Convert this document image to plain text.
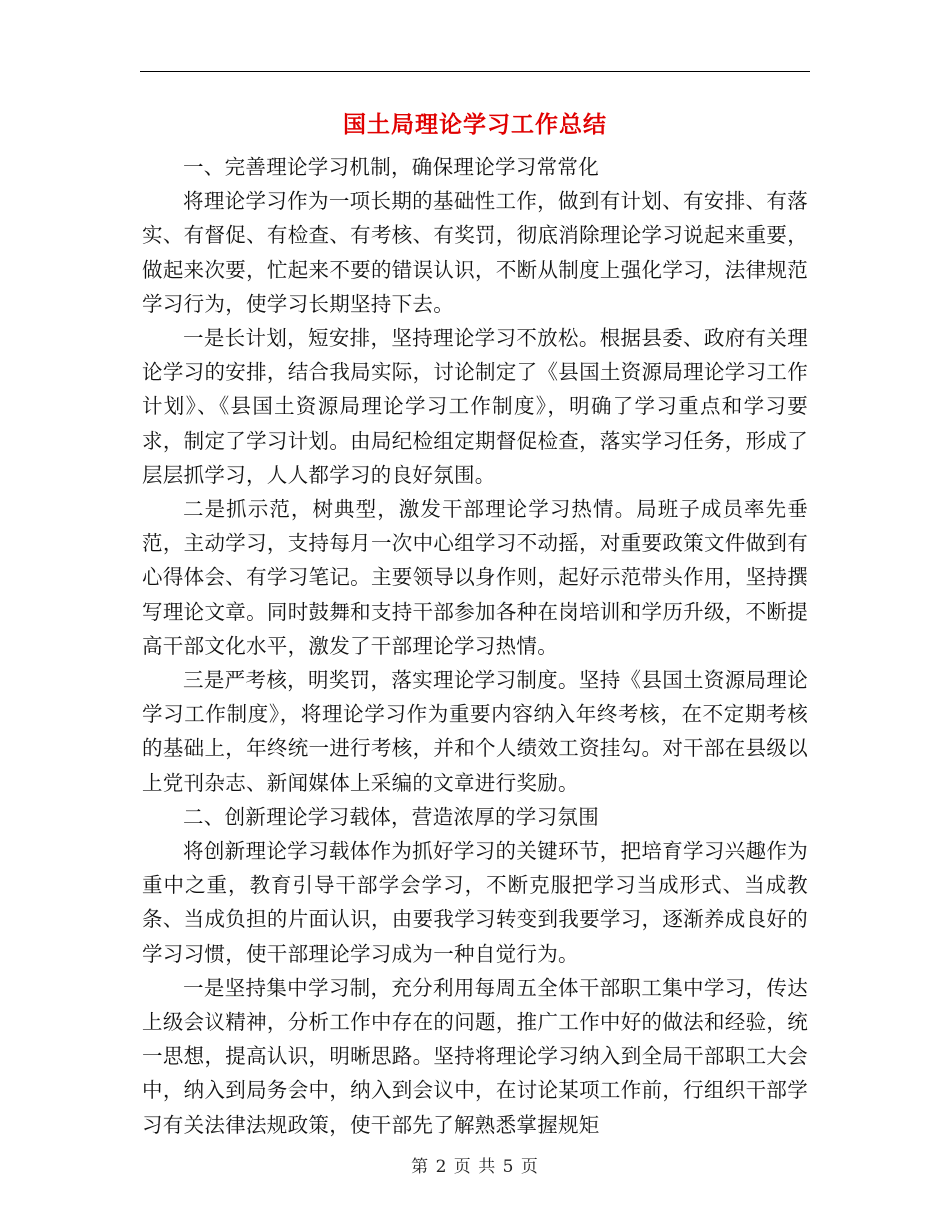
国土局理论学习工作总结

一、完善理论学习机制，确保理论学习常常化

将理论学习作为一项长期的基础性工作，做到有计划、有安排、有落实、有督促、有检查、有考核、有奖罚，彻底消除理论学习说起来重要，做起来次要，忙起来不要的错误认识，不断从制度上强化学习，法律规范学习行为，使学习长期坚持下去。

一是长计划，短安排，坚持理论学习不放松。根据县委、政府有关理论学习的安排，结合我局实际，讨论制定了《县国土资源局理论学习工作计划》、《县国土资源局理论学习工作制度》，明确了学习重点和学习要求，制定了学习计划。由局纪检组定期督促检查，落实学习任务，形成了层层抓学习，人人都学习的良好氛围。

二是抓示范，树典型，激发干部理论学习热情。局班子成员率先垂范，主动学习，支持每月一次中心组学习不动摇，对重要政策文件做到有心得体会、有学习笔记。主要领导以身作则，起好示范带头作用，坚持撰写理论文章。同时鼓舞和支持干部参加各种在岗培训和学历升级，不断提高干部文化水平，激发了干部理论学习热情。

三是严考核，明奖罚，落实理论学习制度。坚持《县国土资源局理论学习工作制度》，将理论学习作为重要内容纳入年终考核，在不定期考核的基础上，年终统一进行考核，并和个人绩效工资挂勾。对干部在县级以上党刊杂志、新闻媒体上采编的文章进行奖励。

二、创新理论学习载体，营造浓厚的学习氛围

将创新理论学习载体作为抓好学习的关键环节，把培育学习兴趣作为重中之重，教育引导干部学会学习，不断克服把学习当成形式、当成教条、当成负担的片面认识，由要我学习转变到我要学习，逐渐养成良好的学习习惯，使干部理论学习成为一种自觉行为。

一是坚持集中学习制，充分利用每周五全体干部职工集中学习，传达上级会议精神，分析工作中存在的问题，推广工作中好的做法和经验，统一思想，提高认识，明晰思路。坚持将理论学习纳入到全局干部职工大会中，纳入到局务会中，纳入到会议中，在讨论某项工作前，行组织干部学习有关法律法规政策，使干部先了解熟悉掌握规矩

第 2 页 共 5 页
